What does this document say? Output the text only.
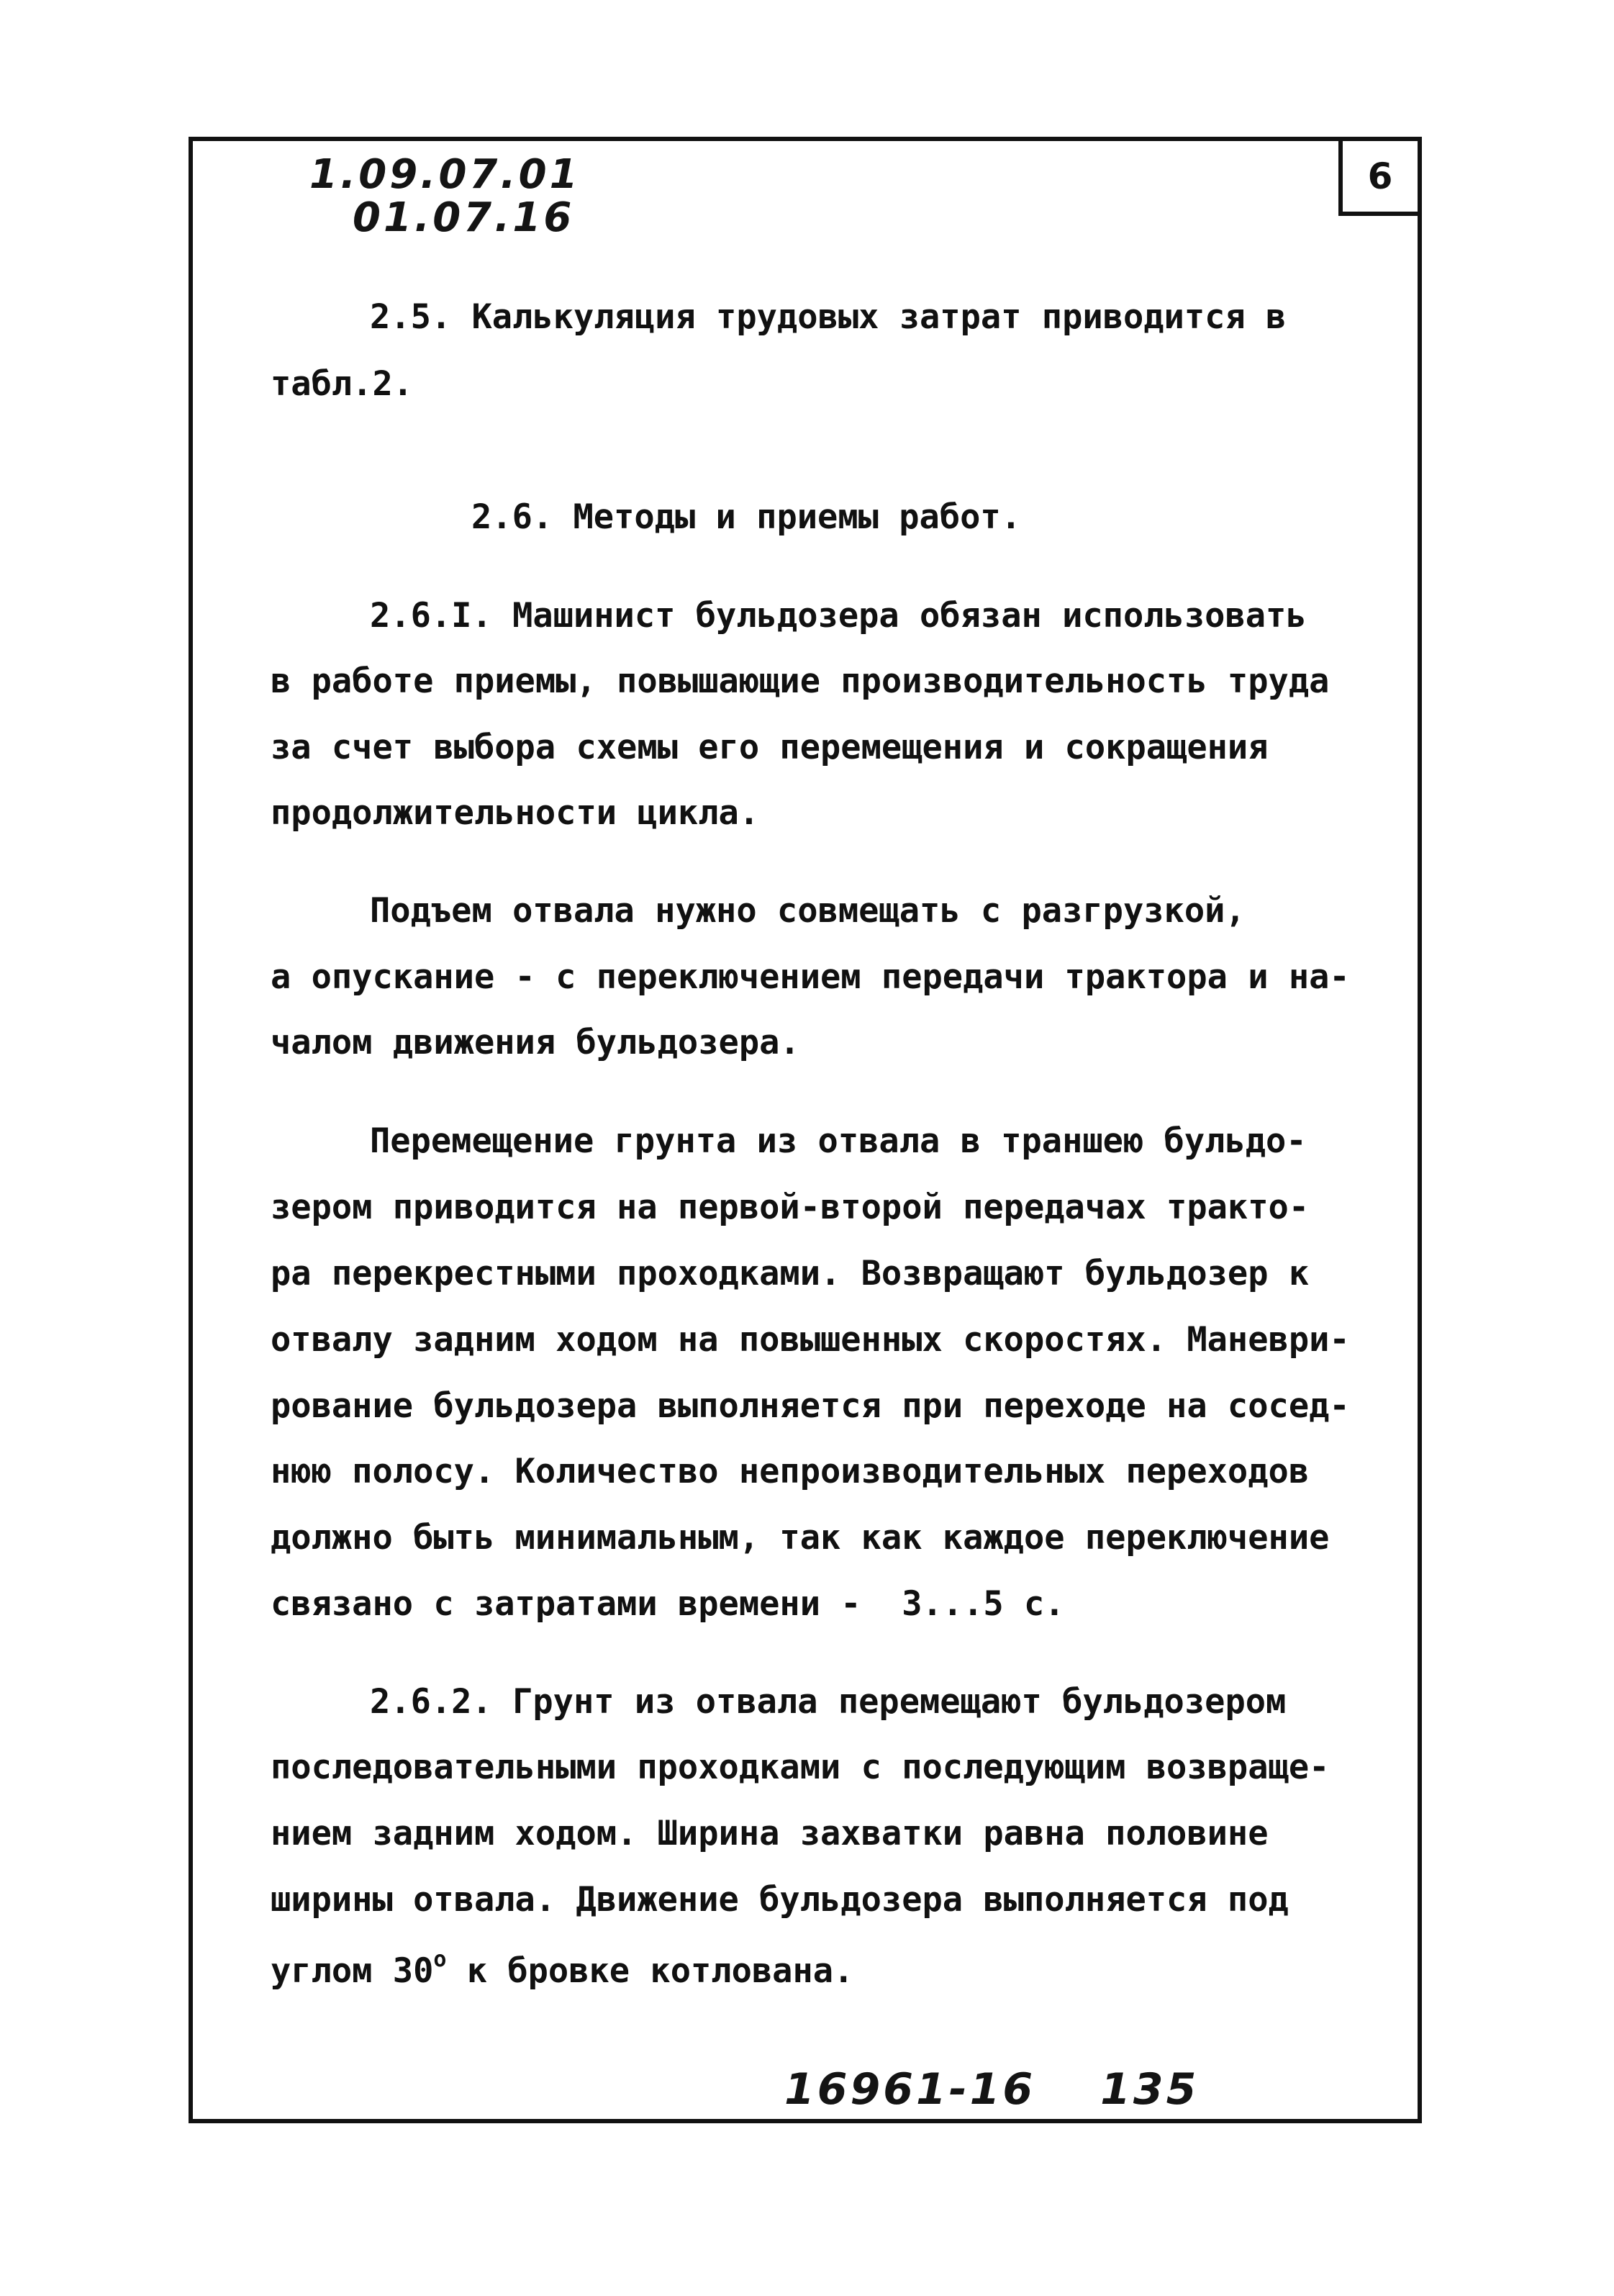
6
1.09.07.01
01.07.16
2.5. Калькуляция трудовых затрат приводится в
табл.2.
2.6. Методы и приемы работ.
2.6.I. Машинист бульдозера обязан использовать
в работе приемы, повышающие производительность труда
за счет выбора схемы его перемещения и сокращения
продолжительности цикла.
Подъем отвала нужно совмещать с разгрузкой,
а опускание - с переключением передачи трактора и на-
чалом движения бульдозера.
Перемещение грунта из отвала в траншею бульдо-
зером приводится на первой-второй передачах тракто-
ра перекрестными проходками. Возвращают бульдозер к
отвалу задним ходом на повышенных скоростях. Маневри-
рование бульдозера выполняется при переходе на сосед-
нюю полосу. Количество непроизводительных переходов
должно быть минимальным, так как каждое переключение
связано с затратами времени -  3...5 с.
2.6.2. Грунт из отвала перемещают бульдозером
последовательными проходками с последующим возвраще-
нием задним ходом. Ширина захватки равна половине
ширины отвала. Движение бульдозера выполняется под
углом $30^о$ к бровке котлована.
16961-16 135
